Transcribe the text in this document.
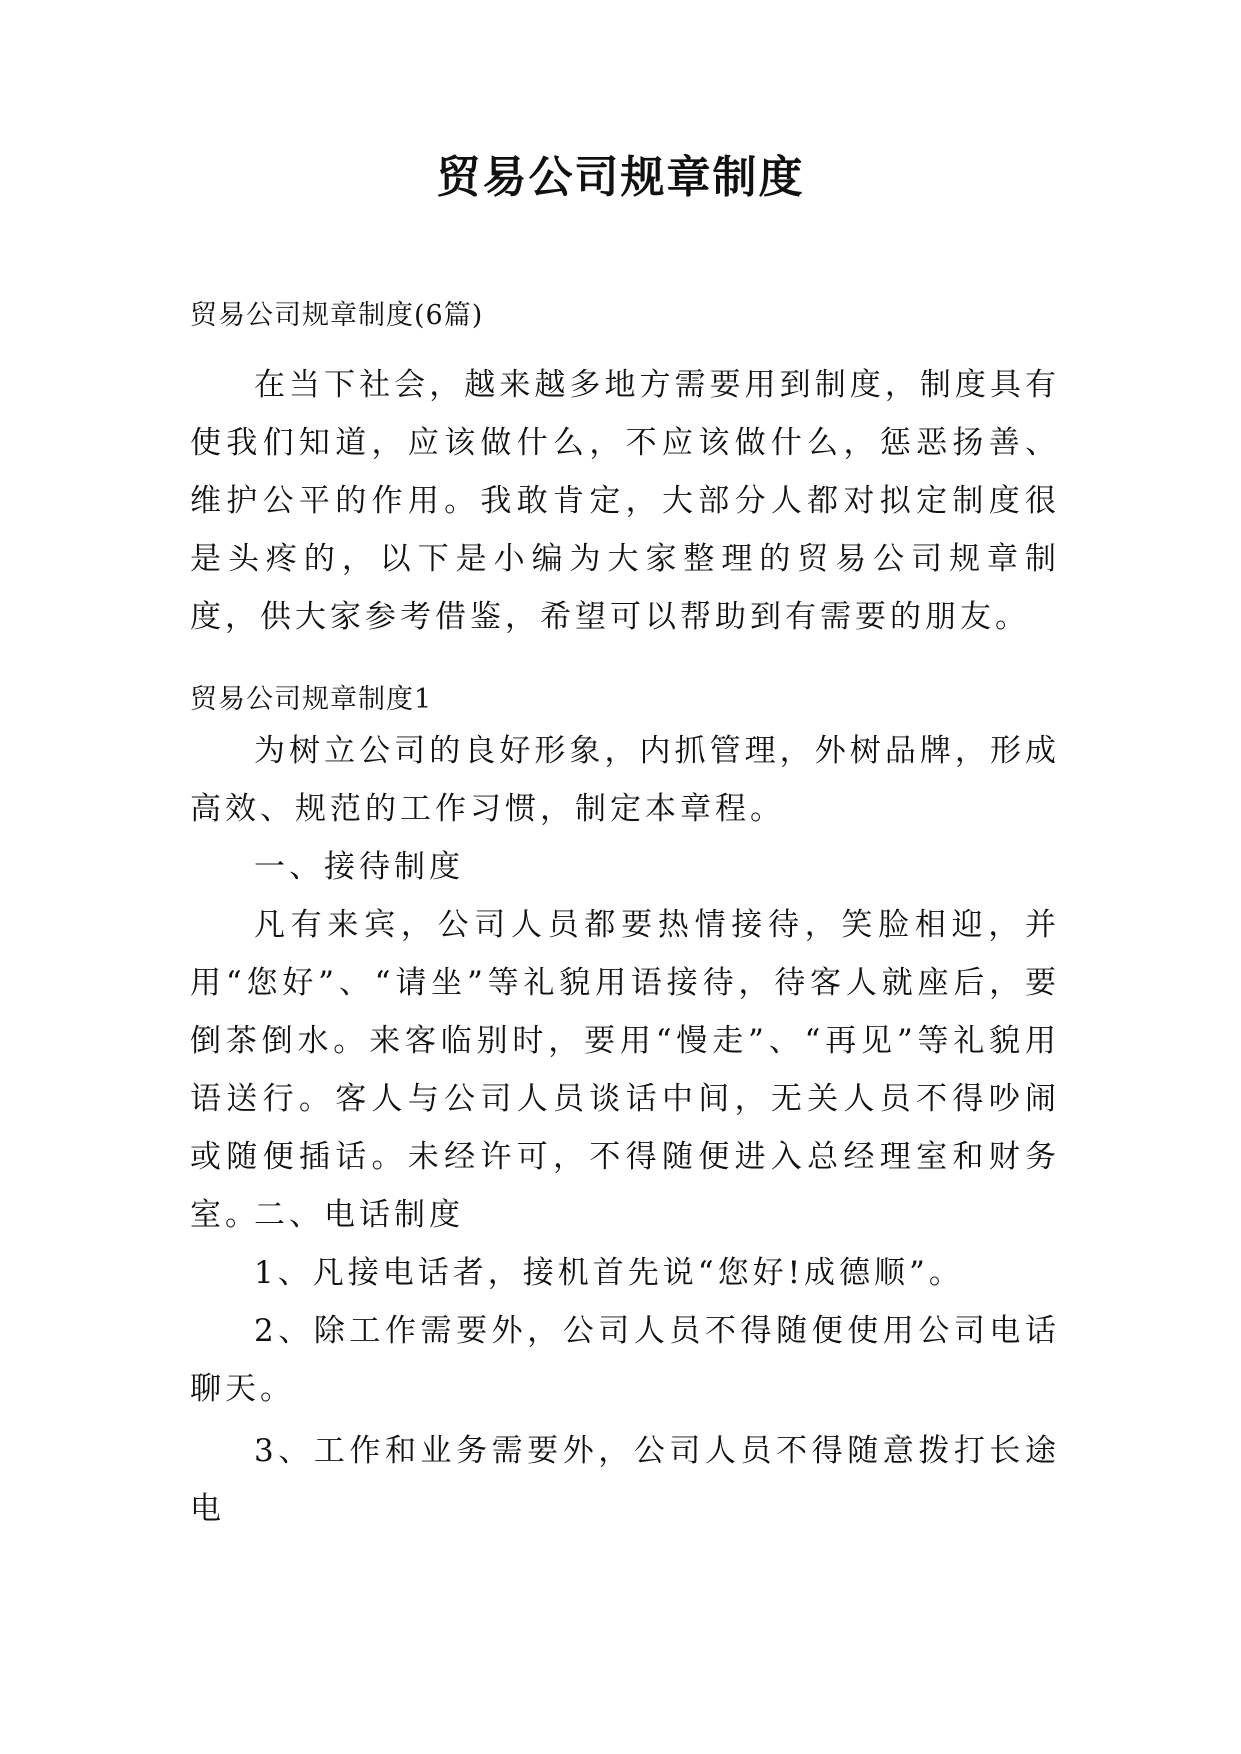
贸易公司规章制度
贸易公司规章制度(6篇)

在当下社会，越来越多地方需要用到制度，制度具有使我们知道，应该做什么，不应该做什么，惩恶扬善、维护公平的作用。我敢肯定，大部分人都对拟定制度很是头疼的，以下是小编为大家整理的贸易公司规章制度，供大家参考借鉴，希望可以帮助到有需要的朋友。

贸易公司规章制度1

为树立公司的良好形象，内抓管理，外树品牌，形成高效、规范的工作习惯，制定本章程。

一、接待制度

凡有来宾，公司人员都要热情接待，笑脸相迎，并用“您好”、“请坐”等礼貌用语接待，待客人就座后，要倒茶倒水。来客临别时，要用“慢走”、“再见”等礼貌用语送行。客人与公司人员谈话中间，无关人员不得吵闹或随便插话。未经许可，不得随便进入总经理室和财务室。

二、电话制度
1、凡接电话者，接机首先说“您好!成德顺”。

2、除工作需要外，公司人员不得随便使用公司电话聊天。

3、工作和业务需要外，公司人员不得随意拨打长途电
